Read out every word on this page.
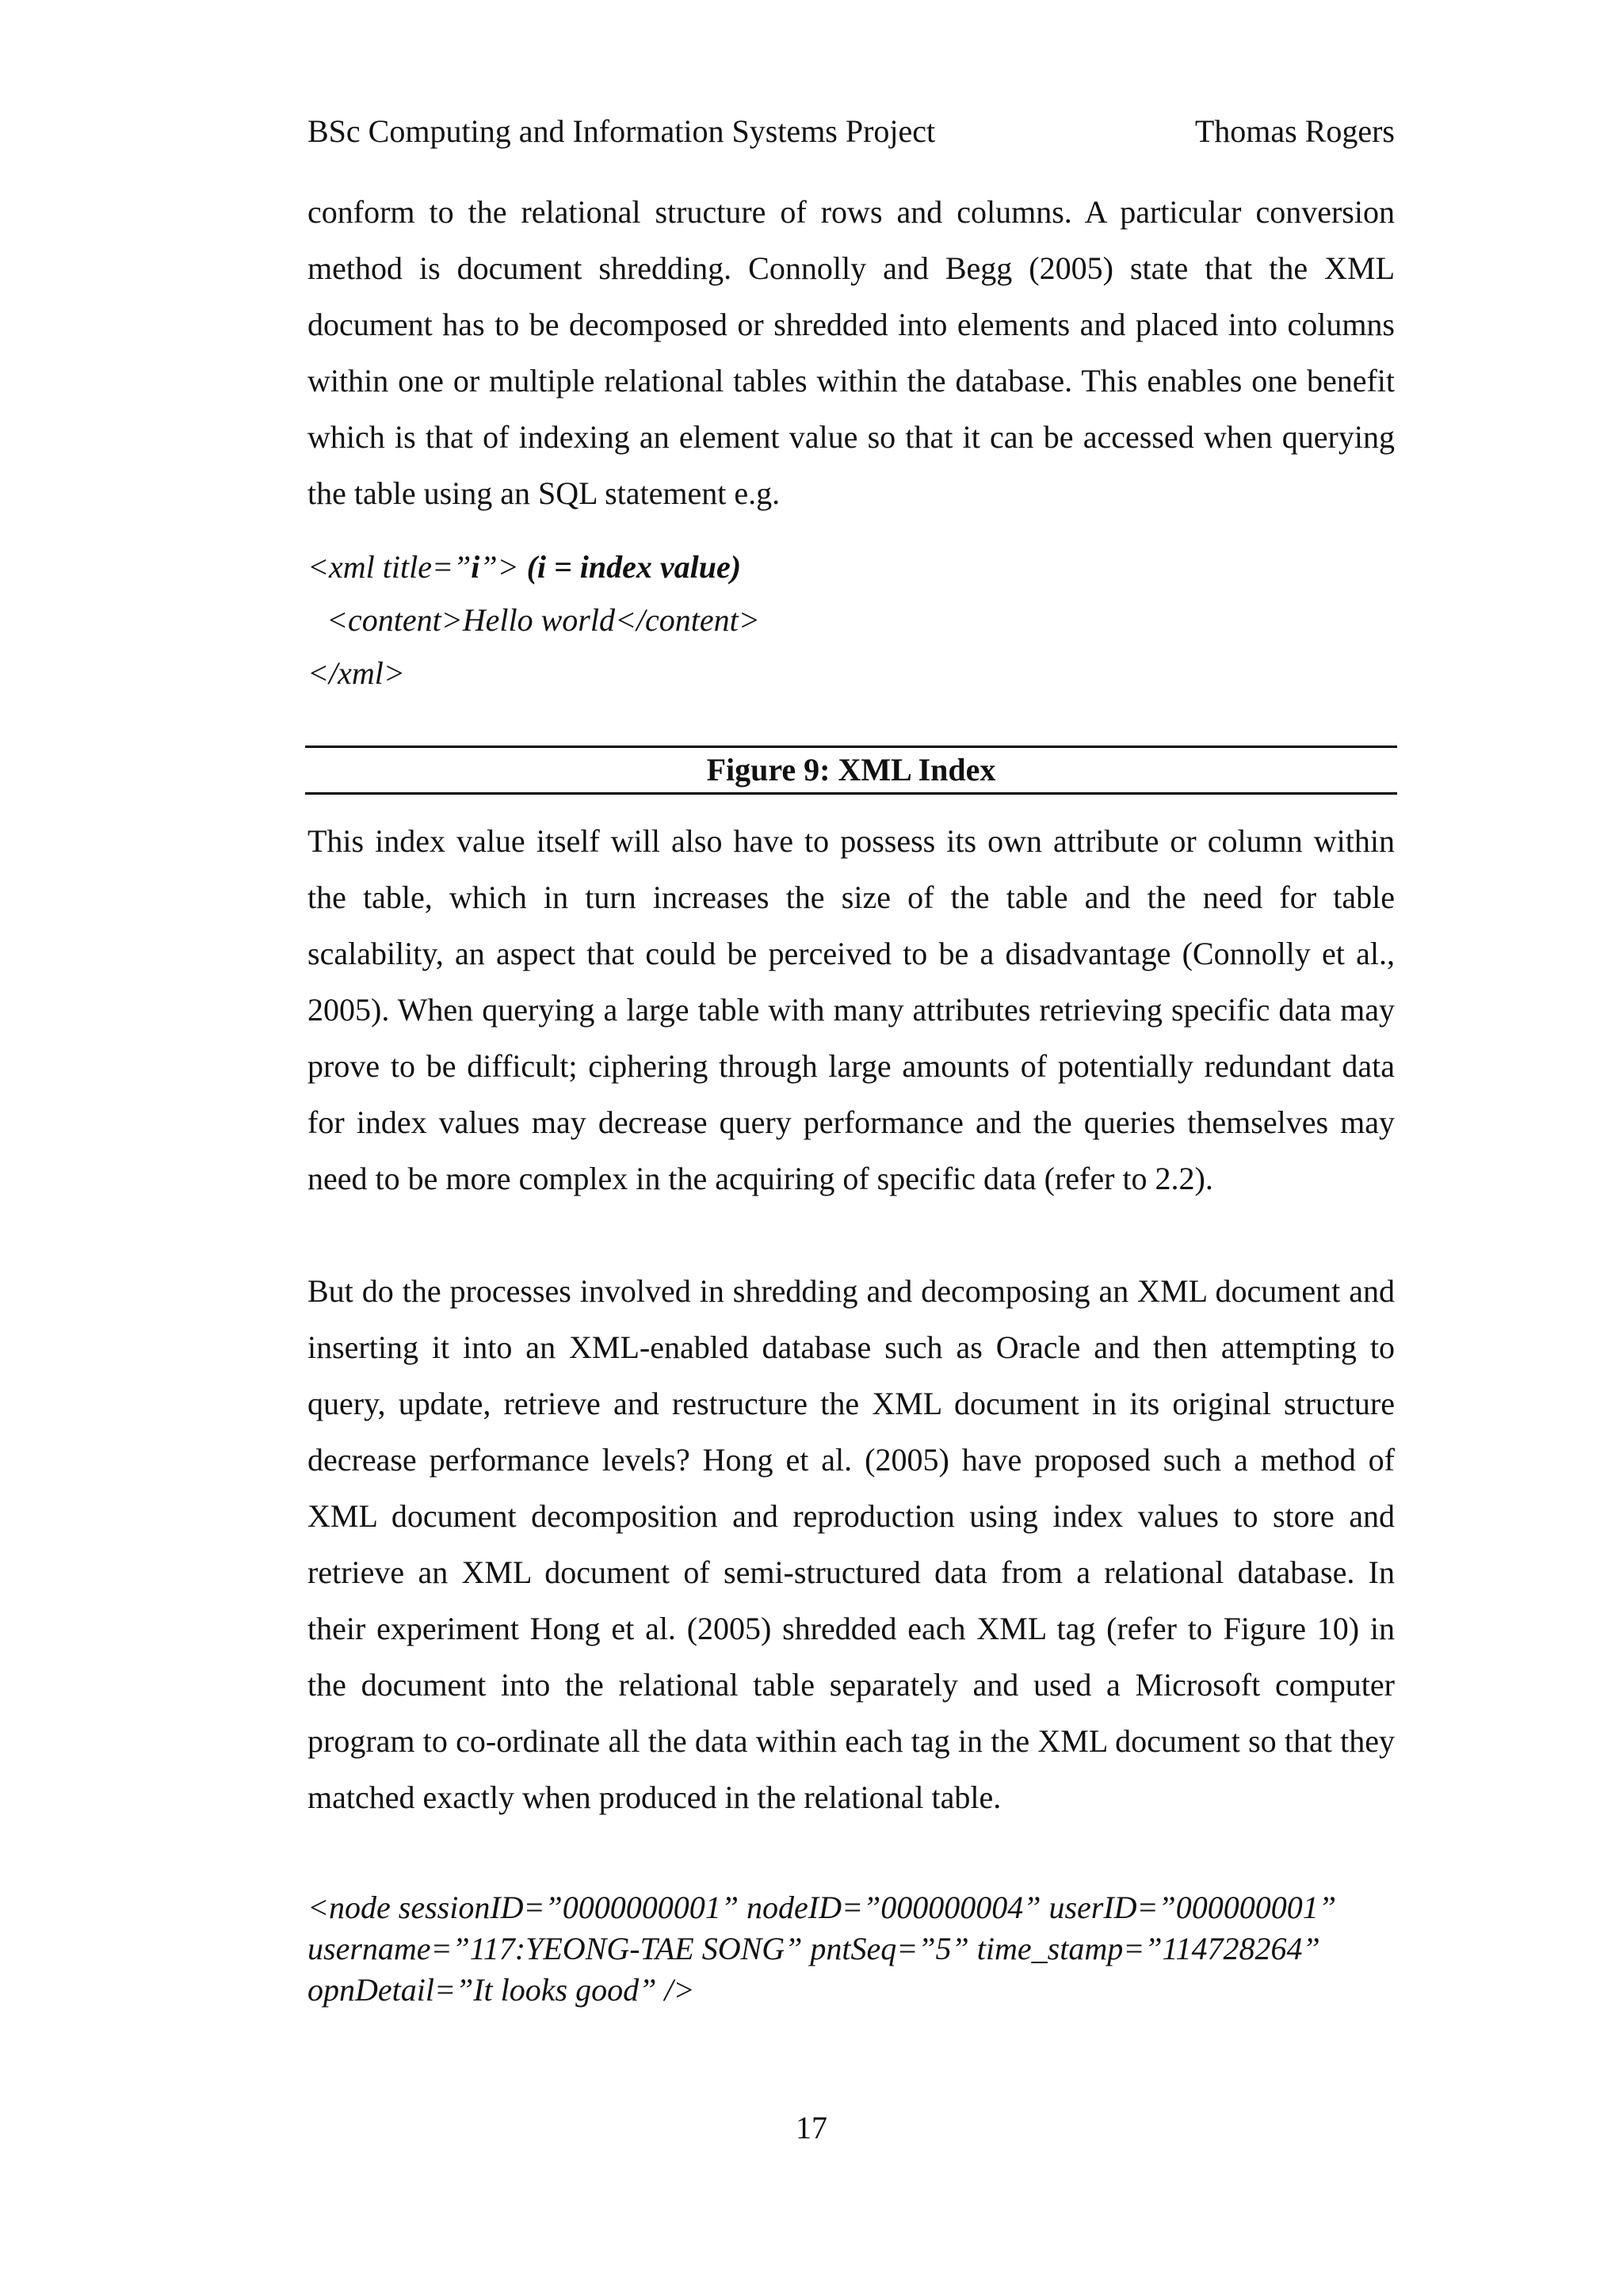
BSc Computing and Information Systems Project	Thomas Rogers

conform to the relational structure of rows and columns. A particular conversion method is document shredding. Connolly and Begg (2005) state that the XML document has to be decomposed or shredded into elements and placed into columns within one or multiple relational tables within the database. This enables one benefit which is that of indexing an element value so that it can be accessed when querying the table using an SQL statement e.g.

<xml title=”i”> (i = index value)
<content>Hello world</content>
</xml>
Figure 9: XML Index

This index value itself will also have to possess its own attribute or column within the table, which in turn increases the size of the table and the need for table scalability, an aspect that could be perceived to be a disadvantage (Connolly et al., 2005). When querying a large table with many attributes retrieving specific data may prove to be difficult; ciphering through large amounts of potentially redundant data for index values may decrease query performance and the queries themselves may need to be more complex in the acquiring of specific data (refer to 2.2).

But do the processes involved in shredding and decomposing an XML document and inserting it into an XML-enabled database such as Oracle and then attempting to query, update, retrieve and restructure the XML document in its original structure decrease performance levels? Hong et al. (2005) have proposed such a method of XML document decomposition and reproduction using index values to store and retrieve an XML document of semi-structured data from a relational database. In their experiment Hong et al. (2005) shredded each XML tag (refer to Figure 10) in the document into the relational table separately and used a Microsoft computer program to co-ordinate all the data within each tag in the XML document so that they matched exactly when produced in the relational table.

<node sessionID=”0000000001” nodeID=”000000004” userID=”000000001”
username=”117:YEONG-TAE SONG” pntSeq=”5” time_stamp=”114728264”
opnDetail=”It looks good” />
17
